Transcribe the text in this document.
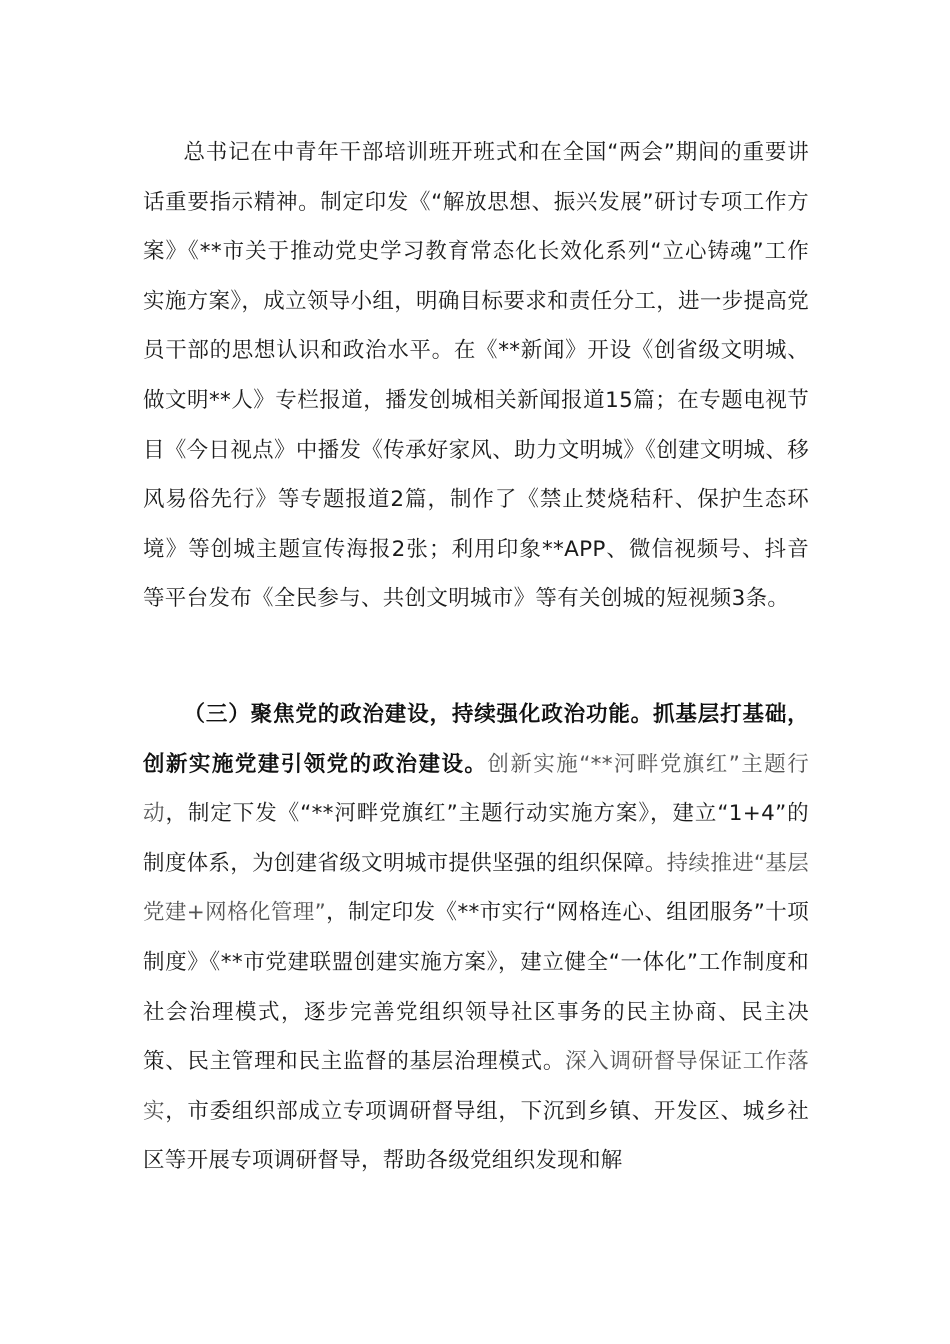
总书记在中青年干部培训班开班式和在全国“两会”期间的重要讲话重要指示精神。制定印发《“解放思想、振兴发展”研讨专项工作方案》《**市关于推动党史学习教育常态化长效化系列“立心铸魂”工作实施方案》，成立领导小组，明确目标要求和责任分工，进一步提高党员干部的思想认识和政治水平。在《**新闻》开设《创省级文明城、做文明**人》专栏报道，播发创城相关新闻报道15篇；在专题电视节目《今日视点》中播发《传承好家风、助力文明城》《创建文明城、移风易俗先行》等专题报道2篇，制作了《禁止焚烧秸秆、保护生态环境》等创城主题宣传海报2张；利用印象**APP、微信视频号、抖音等平台发布《全民参与、共创文明城市》等有关创城的短视频3条。

（三）聚焦党的政治建设，持续强化政治功能。抓基层打基础，创新实施党建引领党的政治建设。创新实施“**河畔党旗红”主题行动，制定下发《“**河畔党旗红”主题行动实施方案》，建立“1+4”的制度体系，为创建省级文明城市提供坚强的组织保障。持续推进“基层党建+网格化管理”，制定印发《**市实行“网格连心、组团服务”十项制度》《**市党建联盟创建实施方案》，建立健全“一体化”工作制度和社会治理模式，逐步完善党组织领导社区事务的民主协商、民主决策、民主管理和民主监督的基层治理模式。深入调研督导保证工作落实，市委组织部成立专项调研督导组，下沉到乡镇、开发区、城乡社区等开展专项调研督导，帮助各级党组织发现和解
